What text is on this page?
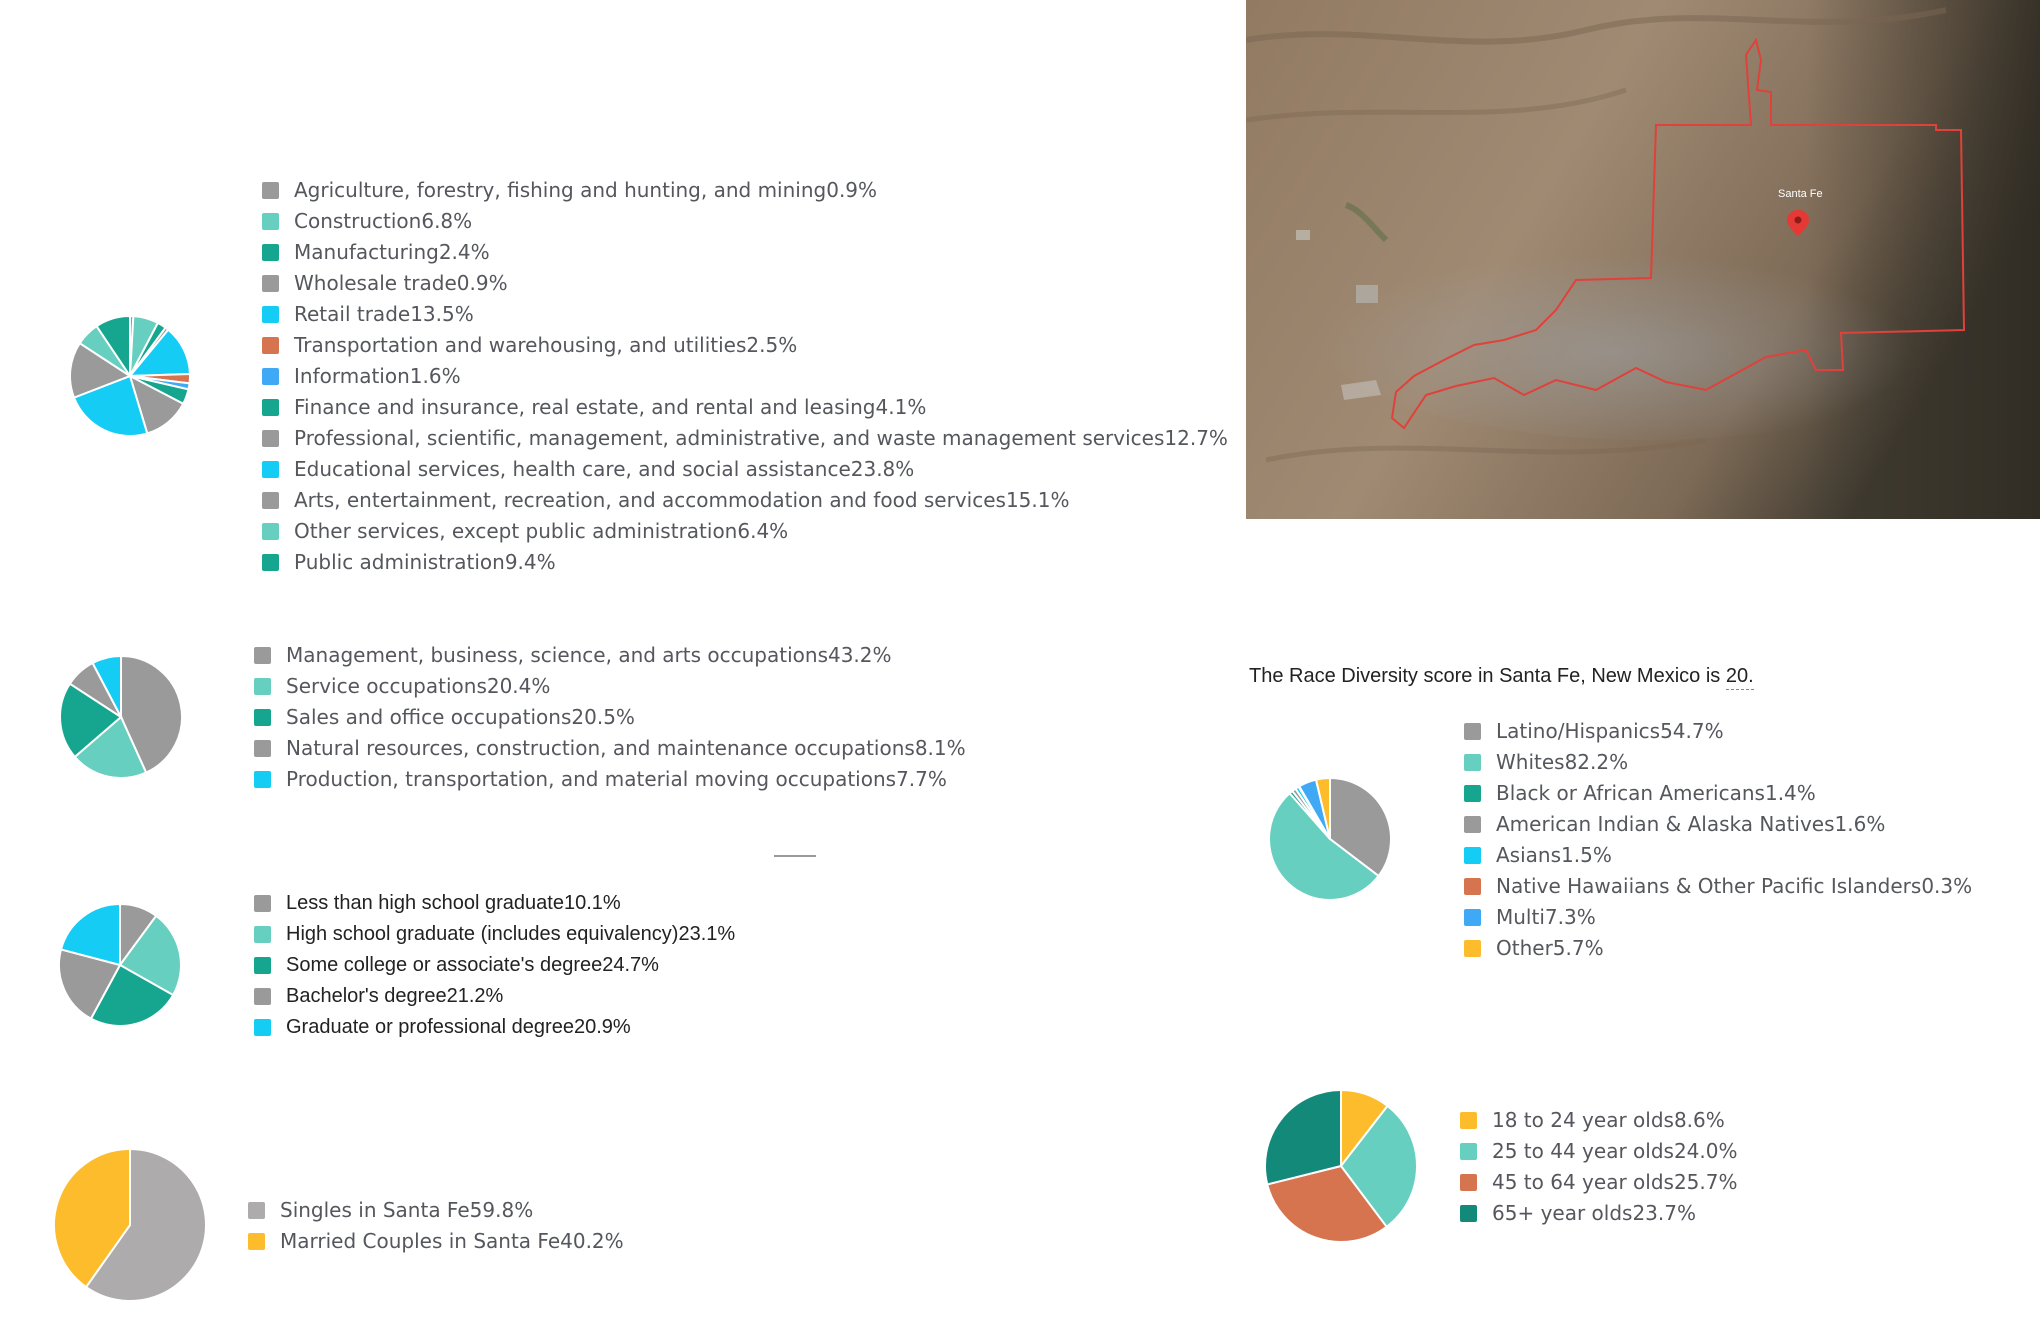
Agriculture, forestry, fishing and hunting, and mining 0.9%
Construction 6.8%
Manufacturing 2.4%
Wholesale trade 0.9%
Retail trade 13.5%
Transportation and warehousing, and utilities 2.5%
Information 1.6%
Finance and insurance, real estate, and rental and leasing 4.1%
Professional, scientific, management, administrative, and waste management services 12.7%
Educational services, health care, and social assistance 23.8%
Arts, entertainment, recreation, and accommodation and food services 15.1%
Other services, except public administration 6.4%
Public administration 9.4%
Santa Fe
Management, business, science, and arts occupations 43.2%
Service occupations 20.4%
Sales and office occupations 20.5%
Natural resources, construction, and maintenance occupations 8.1%
Production, transportation, and material moving occupations 7.7%
Less than high school graduate 10.1%
High school graduate (includes equivalency) 23.1%
Some college or associate's degree 24.7%
Bachelor's degree 21.2%
Graduate or professional degree 20.9%
Singles in Santa Fe 59.8%
Married Couples in Santa Fe 40.2%
The Race Diversity score in Santa Fe, New Mexico is 20.
Latino/Hispanics 54.7%
Whites 82.2%
Black or African Americans 1.4%
American Indian & Alaska Natives 1.6%
Asians 1.5%
Native Hawaiians & Other Pacific Islanders 0.3%
Multi 7.3%
Other 5.7%
18 to 24 year olds 8.6%
25 to 44 year olds 24.0%
45 to 64 year olds 25.7%
65+ year olds 23.7%
